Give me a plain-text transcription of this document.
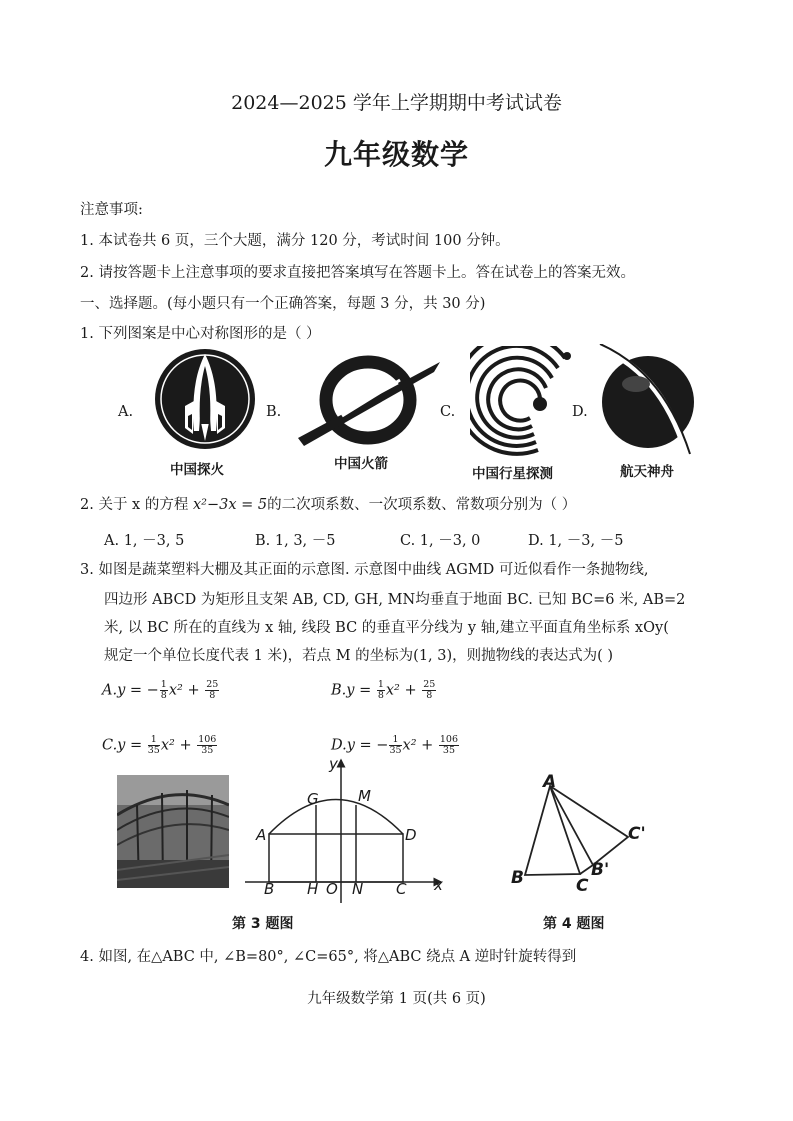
2024—2025 学年上学期期中考试试卷
九年级数学
注意事项:
1. 本试卷共 6 页，三个大题，满分 120 分，考试时间 100 分钟。
2. 请按答题卡上注意事项的要求直接把答案填写在答题卡上。答在试卷上的答案无效。
一、选择题。(每小题只有一个正确答案，每题 3 分，共 30 分)
1. 下列图案是中心对称图形的是（ ）
A.
中国探火
B.
中国火箭
C.
中国行星探测
D.
航天神舟
2. 关于 x 的方程 x²−3x = 5的二次项系数、一次项系数、常数项分别为（ ）
A. 1, －3, 5	B. 1, 3, －5	C. 1, －3, 0	D. 1, －3, －5
3. 如图是蔬菜塑料大棚及其正面的示意图. 示意图中曲线 AGMD 可近似看作一条抛物线,
四边形 ABCD 为矩形且支架 AB, CD, GH, MN均垂直于地面 BC. 已知 BC=6 米, AB=2
米, 以 BC 所在的直线为 x 轴, 线段 BC 的垂直平分线为 y 轴,建立平面直角坐标系 xOy(
规定一个单位长度代表 1 米)，若点 M 的坐标为(1, 3)，则抛物线的表达式为( )
A.y = − $\frac{1}{8} x^2 + \frac{25}{8}$	$B.y = \frac{1}{8} x^2 + \frac{25}{8}$
$C.y = \frac{1}{35} x^2 + \frac{106}{35}$	D.y = − $\frac{1}{35} x^2 + \frac{106}{35}$
y
G	M
A	D
B H O N C x
第 3 题图
A
C'
B'
B	C
第 4 题图
4. 如图, 在△ABC 中, ∠B=80°, ∠C=65°, 将△ABC 绕点 A 逆时针旋转得到
九年级数学第 1 页(共 6 页)
